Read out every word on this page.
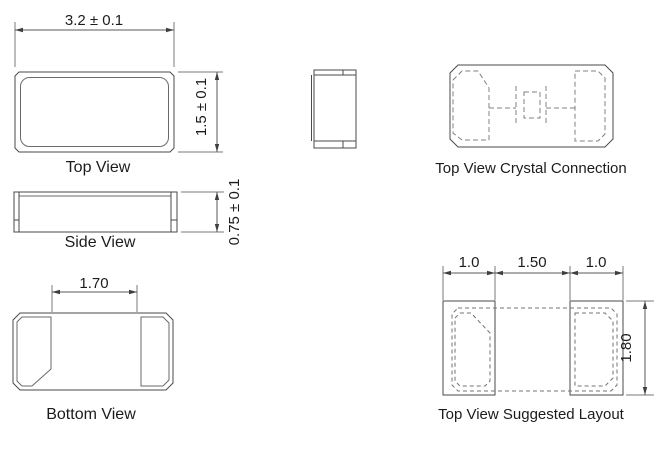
3.2 ± 0.1
1.5 ± 0.1
Top View	Top View Crystal Connection
0.75 ± 0.1
Side View
1.70
Bottom View
1.0	1.50	1.0
1.80
Top View Suggested Layout
